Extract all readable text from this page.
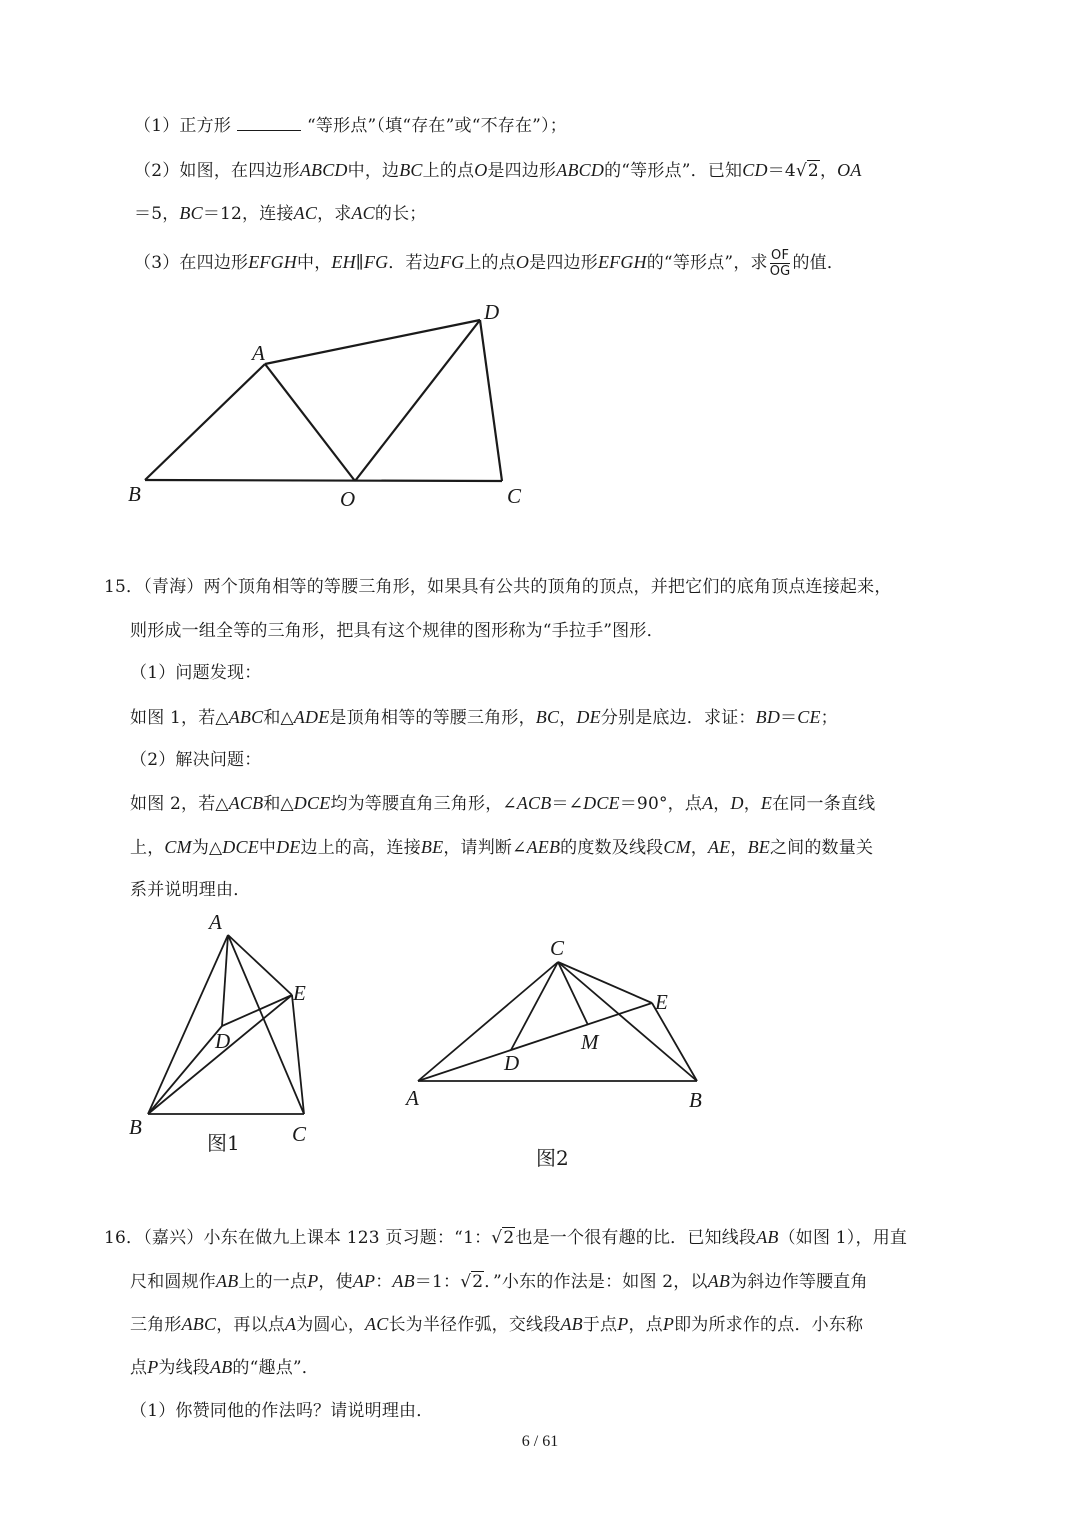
（1）正方形	“等形点”（填“存在”或“不存在”）；
（2）如图，在四边形ABCD中，边BC上的点O是四边形ABCD的“等形点”．已知CD＝4√2，OA
＝5，BC＝12，连接AC，求AC的长；
（3）在四边形EFGH中，EH∥FG．若边FG上的点O是四边形EFGH的“等形点”，求 $\frac{OF}{OG}$ 的值．
A
B	C
D
O
15．（青海）两个顶角相等的等腰三角形，如果具有公共的顶角的顶点，并把它们的底角顶点连接起来，
则形成一组全等的三角形，把具有这个规律的图形称为“手拉手”图形．
（1）问题发现：
如图 1，若△ABC和△ADE是顶角相等的等腰三角形，BC，DE分别是底边．求证：BD＝CE；
（2）解决问题：
如图 2，若△ACB和△DCE均为等腰直角三角形，∠ACB＝∠DCE＝90°，点A，D，E在同一条直线
上，CM为△DCE中DE边上的高，连接BE，请判断∠AEB的度数及线段CM，AE，BE之间的数量关
系并说明理由．
A
B	C
D
E
图1
C
E
M
D
A	B
图2
16．（嘉兴）小东在做九上课本 123 页习题：“1：√2也是一个很有趣的比．已知线段AB（如图 1），用直
尺和圆规作AB上的一点P，使AP：AB＝1：√2．”小东的作法是：如图 2，以AB为斜边作等腰直角
三角形ABC，再以点A为圆心，AC长为半径作弧，交线段AB于点P，点P即为所求作的点．小东称
点P为线段AB的“趣点”．
（1）你赞同他的作法吗？请说明理由．
6 / 61
